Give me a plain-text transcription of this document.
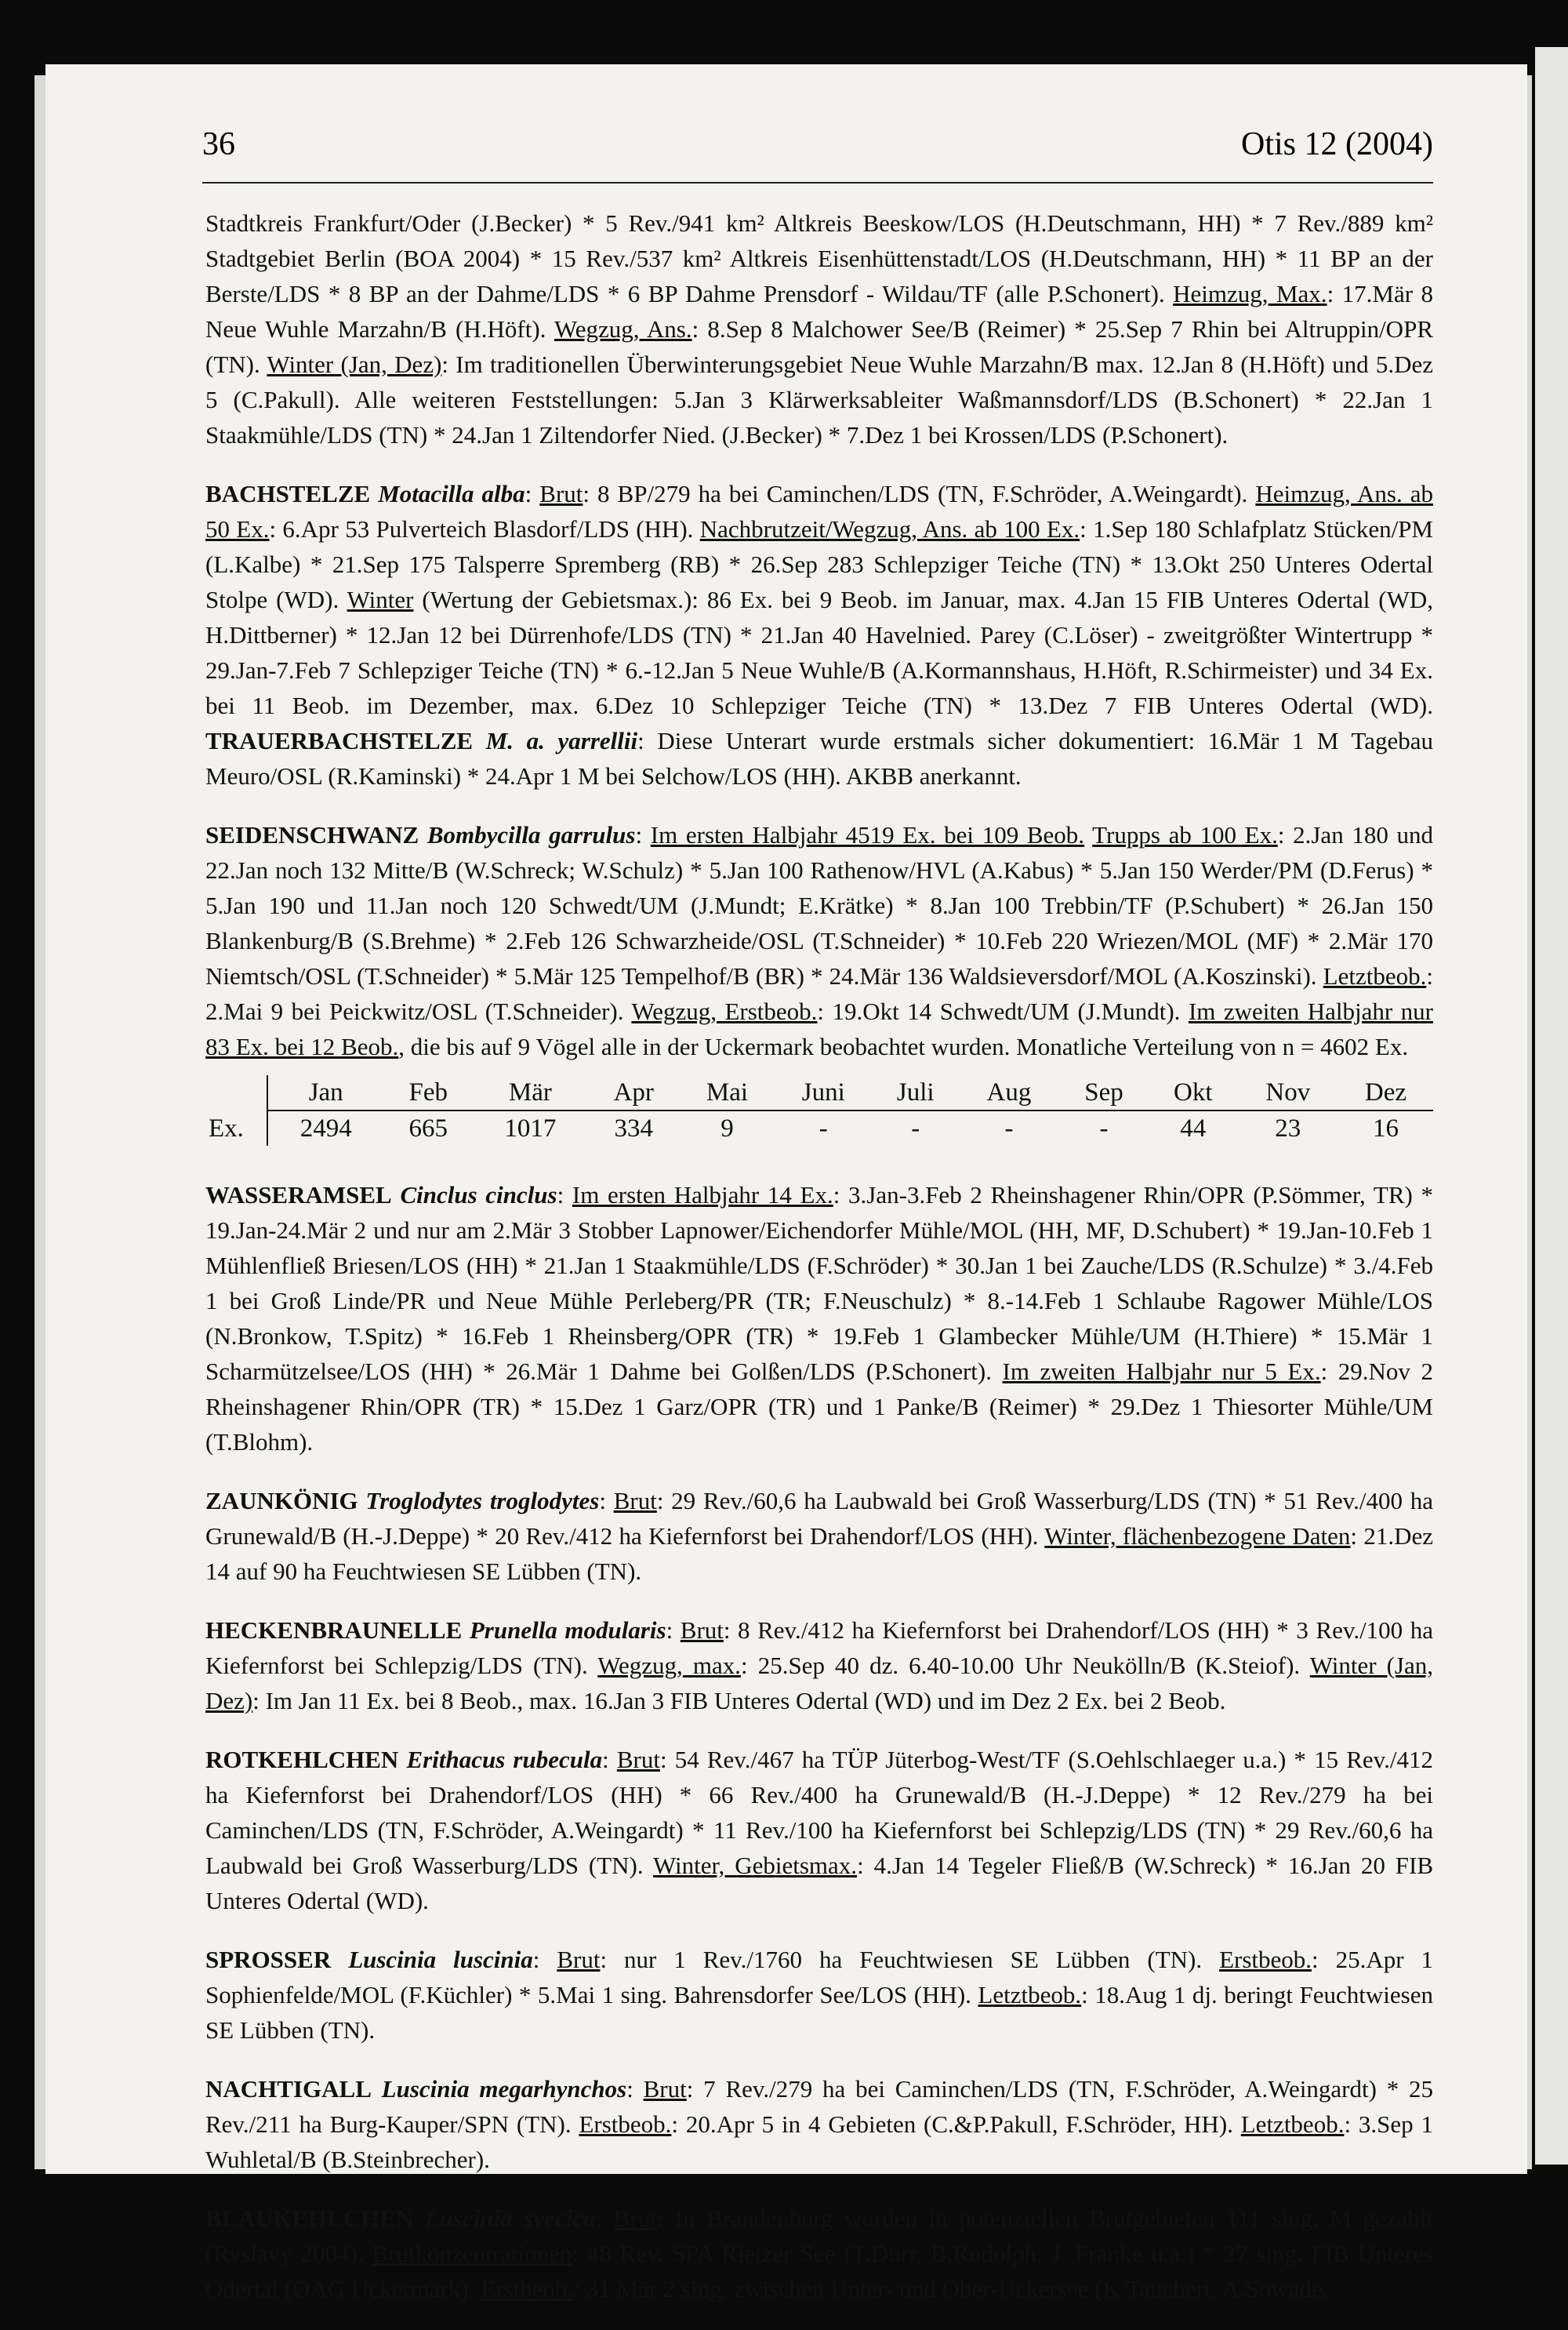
36	Otis 12 (2004)

Stadtkreis Frankfurt/Oder (J.Becker) * 5 Rev./941 km² Altkreis Beeskow/LOS (H.Deutschmann, HH) * 7 Rev./889 km² Stadtgebiet Berlin (BOA 2004) * 15 Rev./537 km² Altkreis Eisenhüttenstadt/LOS (H.Deutschmann, HH) * 11 BP an der Berste/LDS * 8 BP an der Dahme/LDS * 6 BP Dahme Prensdorf - Wildau/TF (alle P.Schonert). Heimzug, Max.: 17.Mär 8 Neue Wuhle Marzahn/B (H.Höft). Wegzug, Ans.: 8.Sep 8 Malchower See/B (Reimer) * 25.Sep 7 Rhin bei Altruppin/OPR (TN). Winter (Jan, Dez): Im traditionellen Überwinterungsgebiet Neue Wuhle Marzahn/B max. 12.Jan 8 (H.Höft) und 5.Dez 5 (C.Pakull). Alle weiteren Feststellungen: 5.Jan 3 Klärwerksableiter Waßmannsdorf/LDS (B.Schonert) * 22.Jan 1 Staakmühle/LDS (TN) * 24.Jan 1 Ziltendorfer Nied. (J.Becker) * 7.Dez 1 bei Krossen/LDS (P.Schonert).

BACHSTELZE Motacilla alba: Brut: 8 BP/279 ha bei Caminchen/LDS (TN, F.Schröder, A.Weingardt). Heimzug, Ans. ab 50 Ex.: 6.Apr 53 Pulverteich Blasdorf/LDS (HH). Nachbrutzeit/Wegzug, Ans. ab 100 Ex.: 1.Sep 180 Schlafplatz Stücken/PM (L.Kalbe) * 21.Sep 175 Talsperre Spremberg (RB) * 26.Sep 283 Schlepziger Teiche (TN) * 13.Okt 250 Unteres Odertal Stolpe (WD). Winter (Wertung der Gebietsmax.): 86 Ex. bei 9 Beob. im Januar, max. 4.Jan 15 FIB Unteres Odertal (WD, H.Dittberner) * 12.Jan 12 bei Dürrenhofe/LDS (TN) * 21.Jan 40 Havelnied. Parey (C.Löser) - zweitgrößter Wintertrupp * 29.Jan-7.Feb 7 Schlepziger Teiche (TN) * 6.-12.Jan 5 Neue Wuhle/B (A.Kormannshaus, H.Höft, R.Schirmeister) und 34 Ex. bei 11 Beob. im Dezember, max. 6.Dez 10 Schlepziger Teiche (TN) * 13.Dez 7 FIB Unteres Odertal (WD). TRAUERBACHSTELZE M. a. yarrellii: Diese Unterart wurde erstmals sicher dokumentiert: 16.Mär 1 M Tagebau Meuro/OSL (R.Kaminski) * 24.Apr 1 M bei Selchow/LOS (HH). AKBB anerkannt.

SEIDENSCHWANZ Bombycilla garrulus: Im ersten Halbjahr 4519 Ex. bei 109 Beob. Trupps ab 100 Ex.: 2.Jan 180 und 22.Jan noch 132 Mitte/B (W.Schreck; W.Schulz) * 5.Jan 100 Rathenow/HVL (A.Kabus) * 5.Jan 150 Werder/PM (D.Ferus) * 5.Jan 190 und 11.Jan noch 120 Schwedt/UM (J.Mundt; E.Krätke) * 8.Jan 100 Trebbin/TF (P.Schubert) * 26.Jan 150 Blankenburg/B (S.Brehme) * 2.Feb 126 Schwarzheide/OSL (T.Schneider) * 10.Feb 220 Wriezen/MOL (MF) * 2.Mär 170 Niemtsch/OSL (T.Schneider) * 5.Mär 125 Tempelhof/B (BR) * 24.Mär 136 Waldsieversdorf/MOL (A.Koszinski). Letztbeob.: 2.Mai 9 bei Peickwitz/OSL (T.Schneider). Wegzug, Erstbeob.: 19.Okt 14 Schwedt/UM (J.Mundt). Im zweiten Halbjahr nur 83 Ex. bei 12 Beob., die bis auf 9 Vögel alle in der Uckermark beobachtet wurden. Monatliche Verteilung von n = 4602 Ex.

	Jan	Feb	Mär	Apr	Mai	Juni	Juli	Aug	Sep	Okt	Nov	Dez
Ex.	2494	665	1017	334	9	-	-	-	-	44	23	16

WASSERAMSEL Cinclus cinclus: Im ersten Halbjahr 14 Ex.: 3.Jan-3.Feb 2 Rheinshagener Rhin/OPR (P.Sömmer, TR) * 19.Jan-24.Mär 2 und nur am 2.Mär 3 Stobber Lapnower/Eichendorfer Mühle/MOL (HH, MF, D.Schubert) * 19.Jan-10.Feb 1 Mühlenfließ Briesen/LOS (HH) * 21.Jan 1 Staakmühle/LDS (F.Schröder) * 30.Jan 1 bei Zauche/LDS (R.Schulze) * 3./4.Feb 1 bei Groß Linde/PR und Neue Mühle Perleberg/PR (TR; F.Neuschulz) * 8.-14.Feb 1 Schlaube Ragower Mühle/LOS (N.Bronkow, T.Spitz) * 16.Feb 1 Rheinsberg/OPR (TR) * 19.Feb 1 Glambecker Mühle/UM (H.Thiere) * 15.Mär 1 Scharmützelsee/LOS (HH) * 26.Mär 1 Dahme bei Golßen/LDS (P.Schonert). Im zweiten Halbjahr nur 5 Ex.: 29.Nov 2 Rheinshagener Rhin/OPR (TR) * 15.Dez 1 Garz/OPR (TR) und 1 Panke/B (Reimer) * 29.Dez 1 Thiesorter Mühle/UM (T.Blohm).

ZAUNKÖNIG Troglodytes troglodytes: Brut: 29 Rev./60,6 ha Laubwald bei Groß Wasserburg/LDS (TN) * 51 Rev./400 ha Grunewald/B (H.-J.Deppe) * 20 Rev./412 ha Kiefernforst bei Drahendorf/LOS (HH). Winter, flächenbezogene Daten: 21.Dez 14 auf 90 ha Feuchtwiesen SE Lübben (TN).

HECKENBRAUNELLE Prunella modularis: Brut: 8 Rev./412 ha Kiefernforst bei Drahendorf/LOS (HH) * 3 Rev./100 ha Kiefernforst bei Schlepzig/LDS (TN). Wegzug, max.: 25.Sep 40 dz. 6.40-10.00 Uhr Neukölln/B (K.Steiof). Winter (Jan, Dez): Im Jan 11 Ex. bei 8 Beob., max. 16.Jan 3 FIB Unteres Odertal (WD) und im Dez 2 Ex. bei 2 Beob.

ROTKEHLCHEN Erithacus rubecula: Brut: 54 Rev./467 ha TÜP Jüterbog-West/TF (S.Oehlschlaeger u.a.) * 15 Rev./412 ha Kiefernforst bei Drahendorf/LOS (HH) * 66 Rev./400 ha Grunewald/B (H.-J.Deppe) * 12 Rev./279 ha bei Caminchen/LDS (TN, F.Schröder, A.Weingardt) * 11 Rev./100 ha Kiefernforst bei Schlepzig/LDS (TN) * 29 Rev./60,6 ha Laubwald bei Groß Wasserburg/LDS (TN). Winter, Gebietsmax.: 4.Jan 14 Tegeler Fließ/B (W.Schreck) * 16.Jan 20 FIB Unteres Odertal (WD).

SPROSSER Luscinia luscinia: Brut: nur 1 Rev./1760 ha Feuchtwiesen SE Lübben (TN). Erstbeob.: 25.Apr 1 Sophienfelde/MOL (F.Küchler) * 5.Mai 1 sing. Bahrensdorfer See/LOS (HH). Letztbeob.: 18.Aug 1 dj. beringt Feuchtwiesen SE Lübben (TN).

NACHTIGALL Luscinia megarhynchos: Brut: 7 Rev./279 ha bei Caminchen/LDS (TN, F.Schröder, A.Weingardt) * 25 Rev./211 ha Burg-Kauper/SPN (TN). Erstbeob.: 20.Apr 5 in 4 Gebieten (C.&P.Pakull, F.Schröder, HH). Letztbeob.: 3.Sep 1 Wuhletal/B (B.Steinbrecher).

BLAUKEHLCHEN Luscinia svecica: Brut: In Brandenburg wurden in potenziellen Brutgebieten 111 sing. M gezählt (Ryslavy 2004). Brutkonzentrationen: 48 Rev. SPA Rietzer See (T.Dürr, B.Rudolph, J. Franke u.a.) * 27 sing. FIB Unteres Odertal (OAG Uckermark). Erstbeob.: 31.Mär 2 sing. zwischen Unter- und Ober-Uckersee (K.Tauchert, A.Sowade,
